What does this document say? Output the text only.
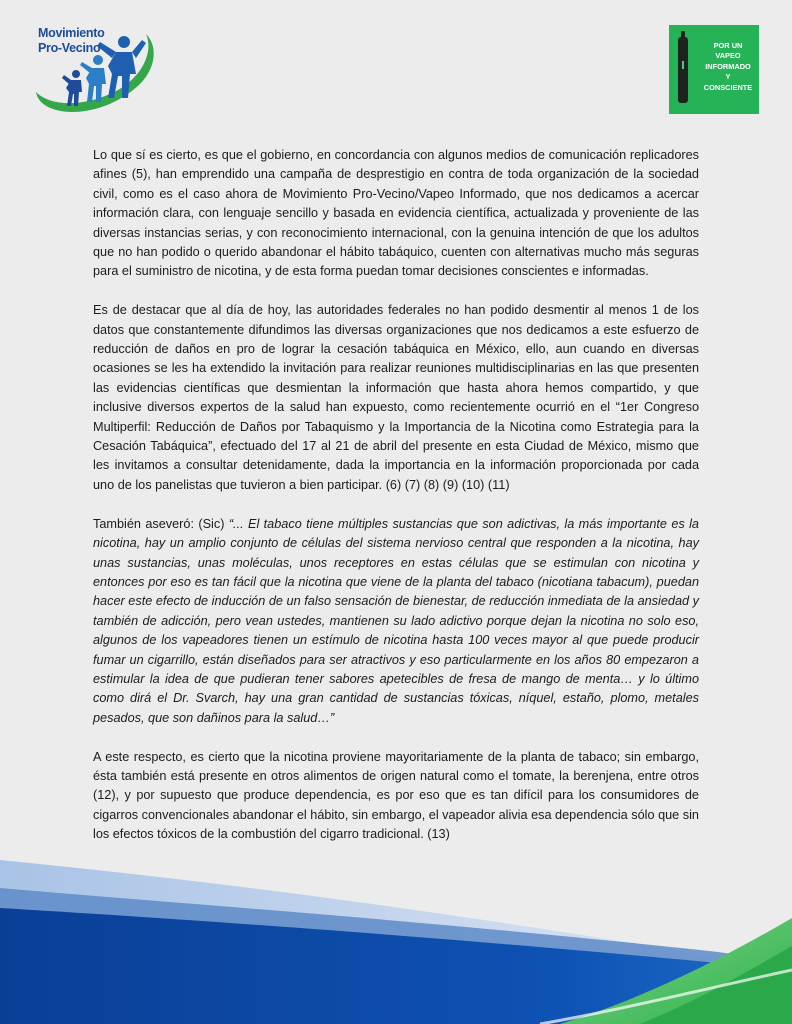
Movimiento
Pro-Vecino	POR UN
VAPEO
INFORMADO
Y
CONSCIENTE

Lo que sí es cierto, es que el gobierno, en concordancia con algunos medios de comunicación replicadores afines (5), han emprendido una campaña de desprestigio en contra de toda organización de la sociedad civil, como es el caso ahora de Movimiento Pro-Vecino/Vapeo Informado, que nos dedicamos a acercar información clara, con lenguaje sencillo y basada en evidencia científica, actualizada y proveniente de las diversas instancias serias, y con reconocimiento internacional, con la genuina intención de que los adultos que no han podido o querido abandonar el hábito tabáquico, cuenten con alternativas mucho más seguras para el suministro de nicotina, y de esta forma puedan tomar decisiones conscientes e informadas.

Es de destacar que al día de hoy, las autoridades federales no han podido desmentir al menos 1 de los datos que constantemente difundimos las diversas organizaciones que nos dedicamos a este esfuerzo de reducción de daños en pro de lograr la cesación tabáquica en México, ello, aun cuando en diversas ocasiones se les ha extendido la invitación para realizar reuniones multidisciplinarias en las que presenten las evidencias científicas que desmientan la información que hasta ahora hemos compartido, y que inclusive diversos expertos de la salud han expuesto, como recientemente ocurrió en el “1er Congreso Multiperfil: Reducción de Daños por Tabaquismo y la Importancia de la Nicotina como Estrategia para la Cesación Tabáquica”, efectuado del 17 al 21 de abril del presente en esta Ciudad de México, mismo que les invitamos a consultar detenidamente, dada la importancia en la información proporcionada por cada uno de los panelistas que tuvieron a bien participar. (6) (7) (8) (9) (10) (11)

También aseveró: (Sic) “... El tabaco tiene múltiples sustancias que son adictivas, la más importante es la nicotina, hay un amplio conjunto de células del sistema nervioso central que responden a la nicotina, hay unas sustancias, unas moléculas, unos receptores en estas células que se estimulan con nicotina y entonces por eso es tan fácil que la nicotina que viene de la planta del tabaco (nicotiana tabacum), puedan hacer este efecto de inducción de un falso sensación de bienestar, de reducción inmediata de la ansiedad y también de adicción, pero vean ustedes, mantienen su lado adictivo porque dejan la nicotina no solo eso, algunos de los vapeadores tienen un estímulo de nicotina hasta 100 veces mayor al que puede producir fumar un cigarrillo, están diseñados para ser atractivos y eso particularmente en los años 80 empezaron a estimular la idea de que pudieran tener sabores apetecibles de fresa de mango de menta… y lo último como dirá el Dr. Svarch, hay una gran cantidad de sustancias tóxicas, níquel, estaño, plomo, metales pesados, que son dañinos para la salud…”

A este respecto, es cierto que la nicotina proviene mayoritariamente de la planta de tabaco; sin embargo, ésta también está presente en otros alimentos de origen natural como el tomate, la berenjena, entre otros (12), y por supuesto que produce dependencia, es por eso que es tan difícil para los consumidores de cigarros convencionales abandonar el hábito, sin embargo, el vapeador alivia esa dependencia sólo que sin los efectos tóxicos de la combustión del cigarro tradicional. (13)
